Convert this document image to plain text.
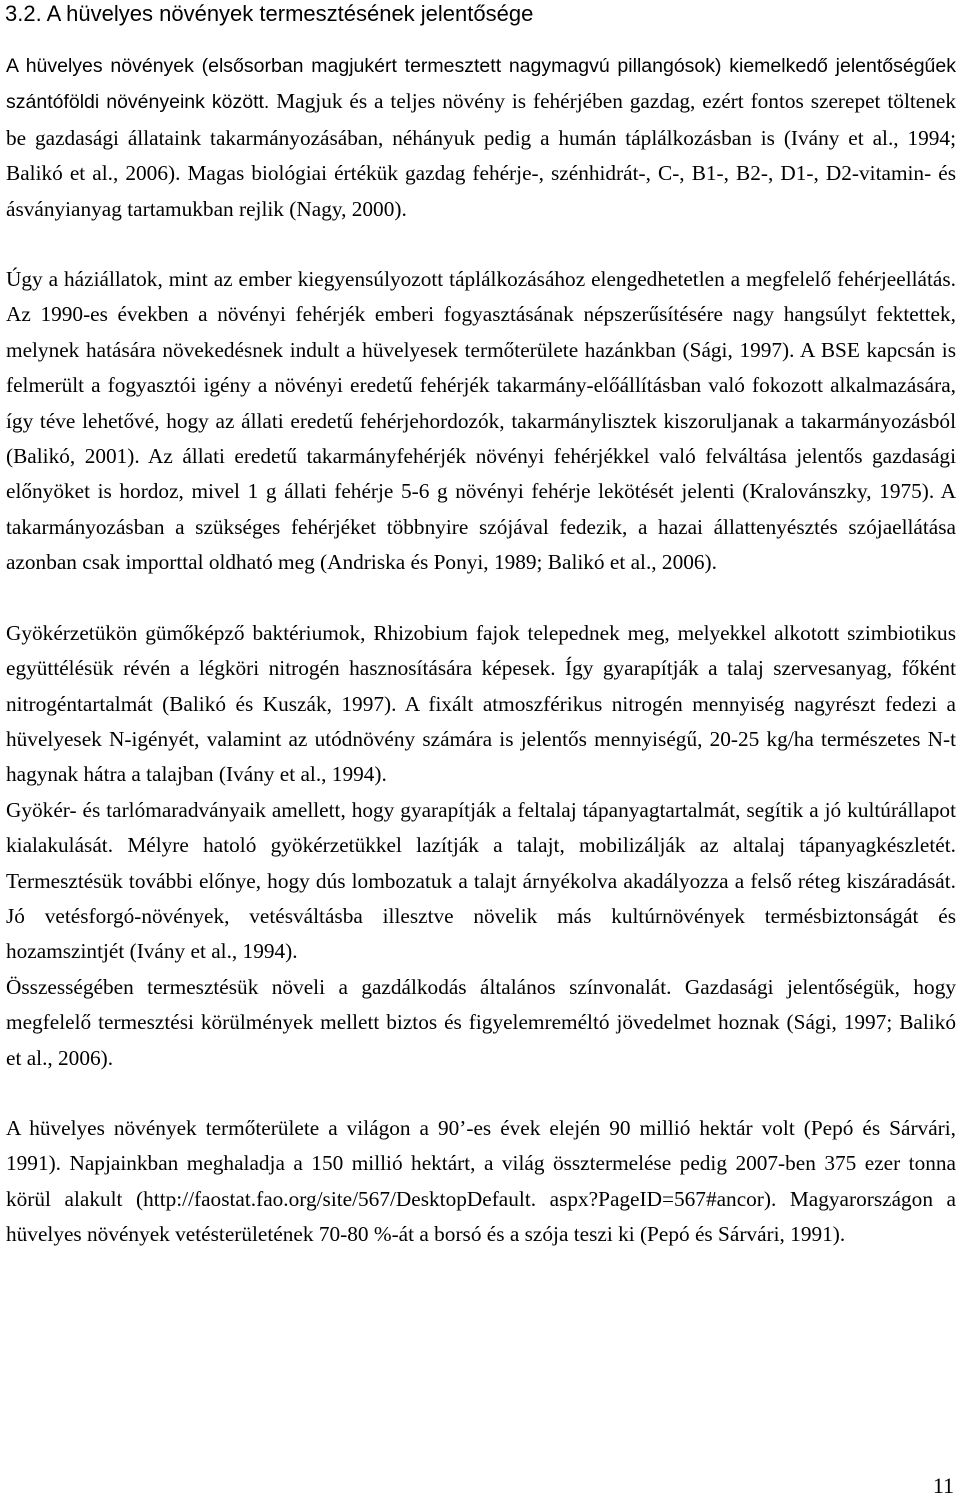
3.2. A hüvelyes növények termesztésének jelentősége

A hüvelyes növények (elsősorban magjukért termesztett nagymagvú pillangósok) kiemelkedő jelentőségűek szántóföldi növényeink között. Magjuk és a teljes növény is fehérjében gazdag, ezért fontos szerepet töltenek be gazdasági állataink takarmányozásában, néhányuk pedig a humán táplálkozásban is (Ivány et al., 1994; Balikó et al., 2006). Magas biológiai értékük gazdag fehérje-, szénhidrát-, C-, B1-, B2-, D1-, D2-vitamin- és ásványianyag tartamukban rejlik (Nagy, 2000).

Úgy a háziállatok, mint az ember kiegyensúlyozott táplálkozásához elengedhetetlen a megfelelő fehérjeellátás. Az 1990-es években a növényi fehérjék emberi fogyasztásának népszerűsítésére nagy hangsúlyt fektettek, melynek hatására növekedésnek indult a hüvelyesek termőterülete hazánkban (Sági, 1997). A BSE kapcsán is felmerült a fogyasztói igény a növényi eredetű fehérjék takarmány-előállításban való fokozott alkalmazására, így téve lehetővé, hogy az állati eredetű fehérjehordozók, takarmánylisztek kiszoruljanak a takarmányozásból (Balikó, 2001). Az állati eredetű takarmányfehérjék növényi fehérjékkel való felváltása jelentős gazdasági előnyöket is hordoz, mivel 1 g állati fehérje 5-6 g növényi fehérje lekötését jelenti (Kralovánszky, 1975). A takarmányozásban a szükséges fehérjéket többnyire szójával fedezik, a hazai állattenyésztés szójaellátása azonban csak importtal oldható meg (Andriska és Ponyi, 1989; Balikó et al., 2006).

Gyökérzetükön gümőképző baktériumok, Rhizobium fajok telepednek meg, melyekkel alkotott szimbiotikus együttélésük révén a légköri nitrogén hasznosítására képesek. Így gyarapítják a talaj szervesanyag, főként nitrogéntartalmát (Balikó és Kuszák, 1997). A fixált atmoszférikus nitrogén mennyiség nagyrészt fedezi a hüvelyesek N-igényét, valamint az utódnövény számára is jelentős mennyiségű, 20-25 kg/ha természetes N-t hagynak hátra a talajban (Ivány et al., 1994).

Gyökér- és tarlómaradványaik amellett, hogy gyarapítják a feltalaj tápanyagtartalmát, segítik a jó kultúrállapot kialakulását. Mélyre hatoló gyökérzetükkel lazítják a talajt, mobilizálják az altalaj tápanyagkészletét. Termesztésük további előnye, hogy dús lombozatuk a talajt árnyékolva akadályozza a felső réteg kiszáradását. Jó vetésforgó-növények, vetésváltásba illesztve növelik más kultúrnövények termésbiztonságát és hozamszintjét (Ivány et al., 1994).

Összességében termesztésük növeli a gazdálkodás általános színvonalát. Gazdasági jelentőségük, hogy megfelelő termesztési körülmények mellett biztos és figyelemreméltó jövedelmet hoznak (Sági, 1997; Balikó et al., 2006).

A hüvelyes növények termőterülete a világon a 90’-es évek elején 90 millió hektár volt (Pepó és Sárvári, 1991). Napjainkban meghaladja a 150 millió hektárt, a világ össztermelése pedig 2007-ben 375 ezer tonna körül alakult (http://faostat.fao.org/site/567/DesktopDefault. aspx?PageID=567#ancor). Magyarországon a hüvelyes növények vetésterületének 70-80 %-át a borsó és a szója teszi ki (Pepó és Sárvári, 1991).

11
